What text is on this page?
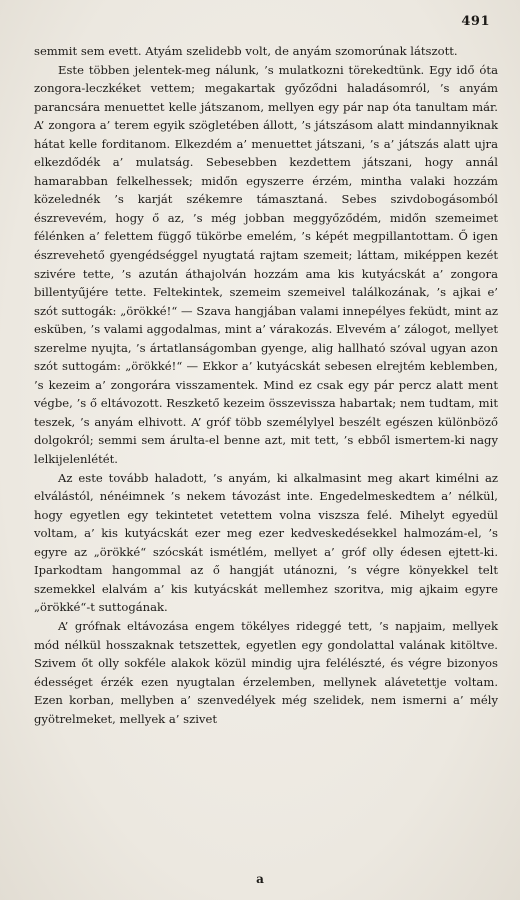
491

semmit sem evett. Atyám szelidebb volt, de anyám szomorúnak látszott.

Este többen jelentek-meg nálunk, ’s mulatkozni törekedtünk. Egy idő óta zongora-leczkéket vettem; megakartak győződni haladásomról, ’s anyám parancsára menuettet kelle játszanom, mellyen egy pár nap óta tanultam már. A’ zongora a’ terem egyik szögletében állott, ’s játszásom alatt mindannyiknak hátat kelle forditanom. Elkezdém a’ menuettet játszani, ’s a’ játszás alatt ujra elkezdődék a’ mulatság. Sebesebben kezdettem játszani, hogy annál hamarabban felkelhessek; midőn egyszerre érzém, mintha valaki hozzám közelednék ’s karját székemre támasztaná. Sebes szivdobogásomból észrevevém, hogy ő az, ’s még jobban meggyőződém, midőn szemeimet félénken a’ felettem függő tükörbe emelém, ’s képét megpillantottam. Ő igen észrevehető gyengédséggel nyugtatá rajtam szemeit; láttam, miképpen kezét szivére tette, ’s azután áthajolván hozzám ama kis kutyácskát a’ zongora billentyűjére tette. Feltekintek, szemeim szemeivel találkozának, ’s ajkai e’ szót suttogák: „örökké!“ — Szava hangjában valami innepélyes feküdt, mint az esküben, ’s valami aggodalmas, mint a’ várakozás. Elvevém a’ zálogot, mellyet szerelme nyujta, ’s ártatlanságomban gyenge, alig hallható szóval ugyan azon szót suttogám: „örökké!“ — Ekkor a’ kutyácskát sebesen elrejtém keblemben, ’s kezeim a’ zongorára visszamentek. Mind ez csak egy pár percz alatt ment végbe, ’s ő eltávozott. Reszkető kezeim összevissza habartak; nem tudtam, mit teszek, ’s anyám elhivott. A’ gróf több személylyel beszélt egészen különböző dolgokról; semmi sem árulta-el benne azt, mit tett, ’s ebből ismertem-ki nagy lelkijelenlétét.

Az este tovább haladott, ’s anyám, ki alkalmasint meg akart kimélni az elválástól, nénéimnek ’s nekem távozást inte. Engedelmeskedtem a’ nélkül, hogy egyetlen egy tekintetet vetettem volna viszsza felé. Mihelyt egyedül voltam, a’ kis kutyácskát ezer meg ezer kedveskedésekkel halmozám-el, ’s egyre az „örökké“ szócskát ismétlém, mellyet a’ gróf olly édesen ejtett-ki. Iparkodtam hangommal az ő hangját utánozni, ’s végre könyekkel telt szemekkel elalvám a’ kis kutyácskát mellemhez szoritva, mig ajkaim egyre „örökké“-t suttogának.

A’ grófnak eltávozása engem tökélyes rideggé tett, ’s napjaim, mellyek mód nélkül hosszaknak tetszettek, egyetlen egy gondolattal valának kitöltve. Szivem őt olly sokféle alakok közül mindig ujra felélészté, és végre bizonyos édességet érzék ezen nyugtalan érzelemben, mellynek alávetettje voltam. Ezen korban, mellyben a’ szenvedélyek még szelidek, nem ismerni a’ mély gyötrelmeket, mellyek a’ szivet

a
